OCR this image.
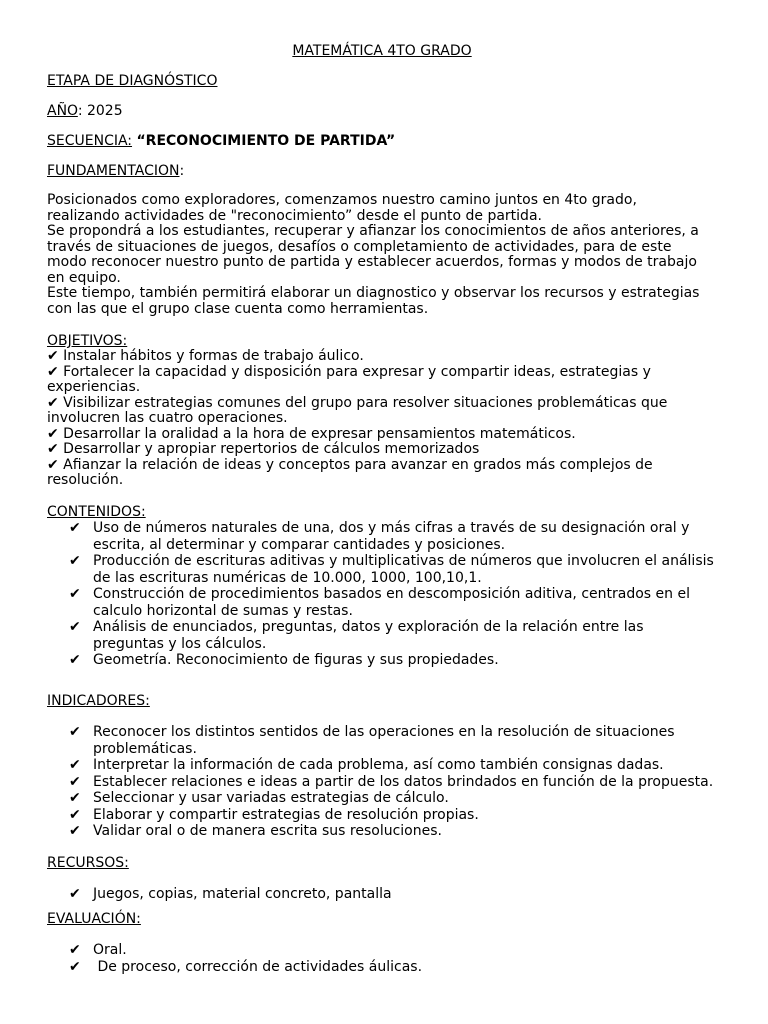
MATEMÁTICA 4TO GRADO
ETAPA DE DIAGNÓSTICO
AÑO: 2025
SECUENCIA: “RECONOCIMIENTO DE PARTIDA”
FUNDAMENTACION:
Posicionados como exploradores, comenzamos nuestro camino juntos en 4to grado,
realizando actividades de "reconocimiento” desde el punto de partida.
Se propondrá a los estudiantes, recuperar y afianzar los conocimientos de años anteriores, a
través de situaciones de juegos, desafíos o completamiento de actividades, para de este
modo reconocer nuestro punto de partida y establecer acuerdos, formas y modos de trabajo
en equipo.
Este tiempo, también permitirá elaborar un diagnostico y observar los recursos y estrategias
con las que el grupo clase cuenta como herramientas.
OBJETIVOS:
✔ Instalar hábitos y formas de trabajo áulico.
✔ Fortalecer la capacidad y disposición para expresar y compartir ideas, estrategias y
experiencias.
✔ Visibilizar estrategias comunes del grupo para resolver situaciones problemáticas que
involucren las cuatro operaciones.
✔ Desarrollar la oralidad a la hora de expresar pensamientos matemáticos.
✔ Desarrollar y apropiar repertorios de cálculos memorizados
✔ Afianzar la relación de ideas y conceptos para avanzar en grados más complejos de
resolución.
CONTENIDOS:
✔ Uso de números naturales de una, dos y más cifras a través de su designación oral y escrita, al determinar y comparar cantidades y posiciones.
✔ Producción de escrituras aditivas y multiplicativas de números que involucren el análisis de las escrituras numéricas de 10.000, 1000, 100,10,1.
✔ Construcción de procedimientos basados en descomposición aditiva, centrados en el calculo horizontal de sumas y restas.
✔ Análisis de enunciados, preguntas, datos y exploración de la relación entre las preguntas y los cálculos.
✔ Geometría. Reconocimiento de figuras y sus propiedades.
INDICADORES:
✔ Reconocer los distintos sentidos de las operaciones en la resolución de situaciones problemáticas.
✔ Interpretar la información de cada problema, así como también consignas dadas.
✔ Establecer relaciones e ideas a partir de los datos brindados en función de la propuesta.
✔ Seleccionar y usar variadas estrategias de cálculo.
✔ Elaborar y compartir estrategias de resolución propias.
✔ Validar oral o de manera escrita sus resoluciones.
RECURSOS:
✔ Juegos, copias, material concreto, pantalla
EVALUACIÓN:
✔ Oral.
✔ De proceso, corrección de actividades áulicas.
